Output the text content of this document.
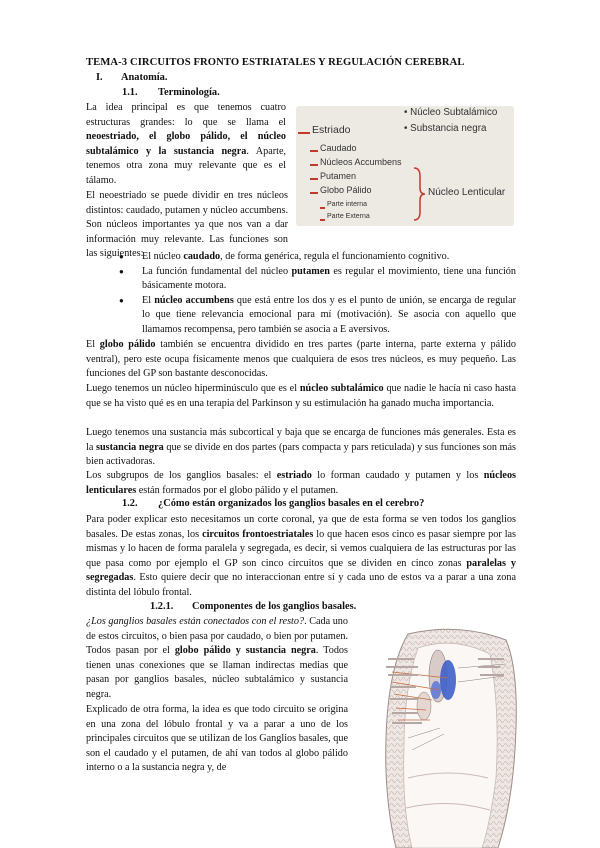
TEMA-3 CIRCUITOS FRONTO ESTRIATALES Y REGULACIÓN CEREBRAL
I. Anatomía.
1.1. Terminología.
La idea principal es que tenemos cuatro estructuras grandes: lo que se llama el neoestriado, el globo pálido, el núcleo subtalámico y la sustancia negra. Aparte, tenemos otra zona muy relevante que es el tálamo.
El neoestriado se puede dividir en tres núcleos distintos: caudado, putamen y núcleo accumbens. Son núcleos importantes ya que nos van a dar información muy relevante. Las funciones son las siguientes:
Estriado
Caudado
Núcleos Accumbens
Putamen
Globo Pálido
Parte interna
Parte Externa
Núcleo Lenticular
• Núcleo Subtalámico
• Substancia negra
● El núcleo caudado, de forma genérica, regula el funcionamiento cognitivo.
● La función fundamental del núcleo putamen es regular el movimiento, tiene una función básicamente motora.
● El núcleo accumbens que está entre los dos y es el punto de unión, se encarga de regular lo que tiene relevancia emocional para mí (motivación). Se asocia con aquello que llamamos recompensa, pero también se asocia a E aversivos.
El globo pálido también se encuentra dividido en tres partes (parte interna, parte externa y pálido ventral), pero este ocupa físicamente menos que cualquiera de esos tres núcleos, es muy pequeño. Las funciones del GP son bastante desconocidas.
Luego tenemos un núcleo hiperminúsculo que es el núcleo subtalámico que nadie le hacía ni caso hasta que se ha visto qué es en una terapia del Parkinson y su estimulación ha ganado mucha importancia.
Luego tenemos una sustancia más subcortical y baja que se encarga de funciones más generales. Esta es la sustancia negra que se divide en dos partes (pars compacta y pars reticulada) y sus funciones son más bien activadoras.
Los subgrupos de los ganglios basales: el estriado lo forman caudado y putamen y los núcleos lenticulares están formados por el globo pálido y el putamen.
1.2. ¿Cómo están organizados los ganglios basales en el cerebro?
Para poder explicar esto necesitamos un corte coronal, ya que de esta forma se ven todos los ganglios basales. De estas zonas, los circuitos frontoestriatales lo que hacen esos cinco es pasar siempre por las mismas y lo hacen de forma paralela y segregada, es decir, si vemos cualquiera de las estructuras por las que pasa como por ejemplo el GP son cinco circuitos que se dividen en cinco zonas paralelas y segregadas. Esto quiere decir que no interaccionan entre sí y cada uno de estos va a parar a una zona distinta del lóbulo frontal.
1.2.1. Componentes de los ganglios basales.
¿Los ganglios basales están conectados con el resto?. Cada uno de estos circuitos, o bien pasa por caudado, o bien por putamen. Todos pasan por el globo pálido y sustancia negra. Todos tienen unas conexiones que se llaman indirectas medias que pasan por ganglios basales, núcleo subtalámico y sustancia negra.
Explicado de otra forma, la idea es que todo circuito se origina en una zona del lóbulo frontal y va a parar a uno de los principales circuitos que se utilizan de los Ganglios basales, que son el caudado y el putamen, de ahí van todos al globo pálido interno o a la sustancia negra y, de
